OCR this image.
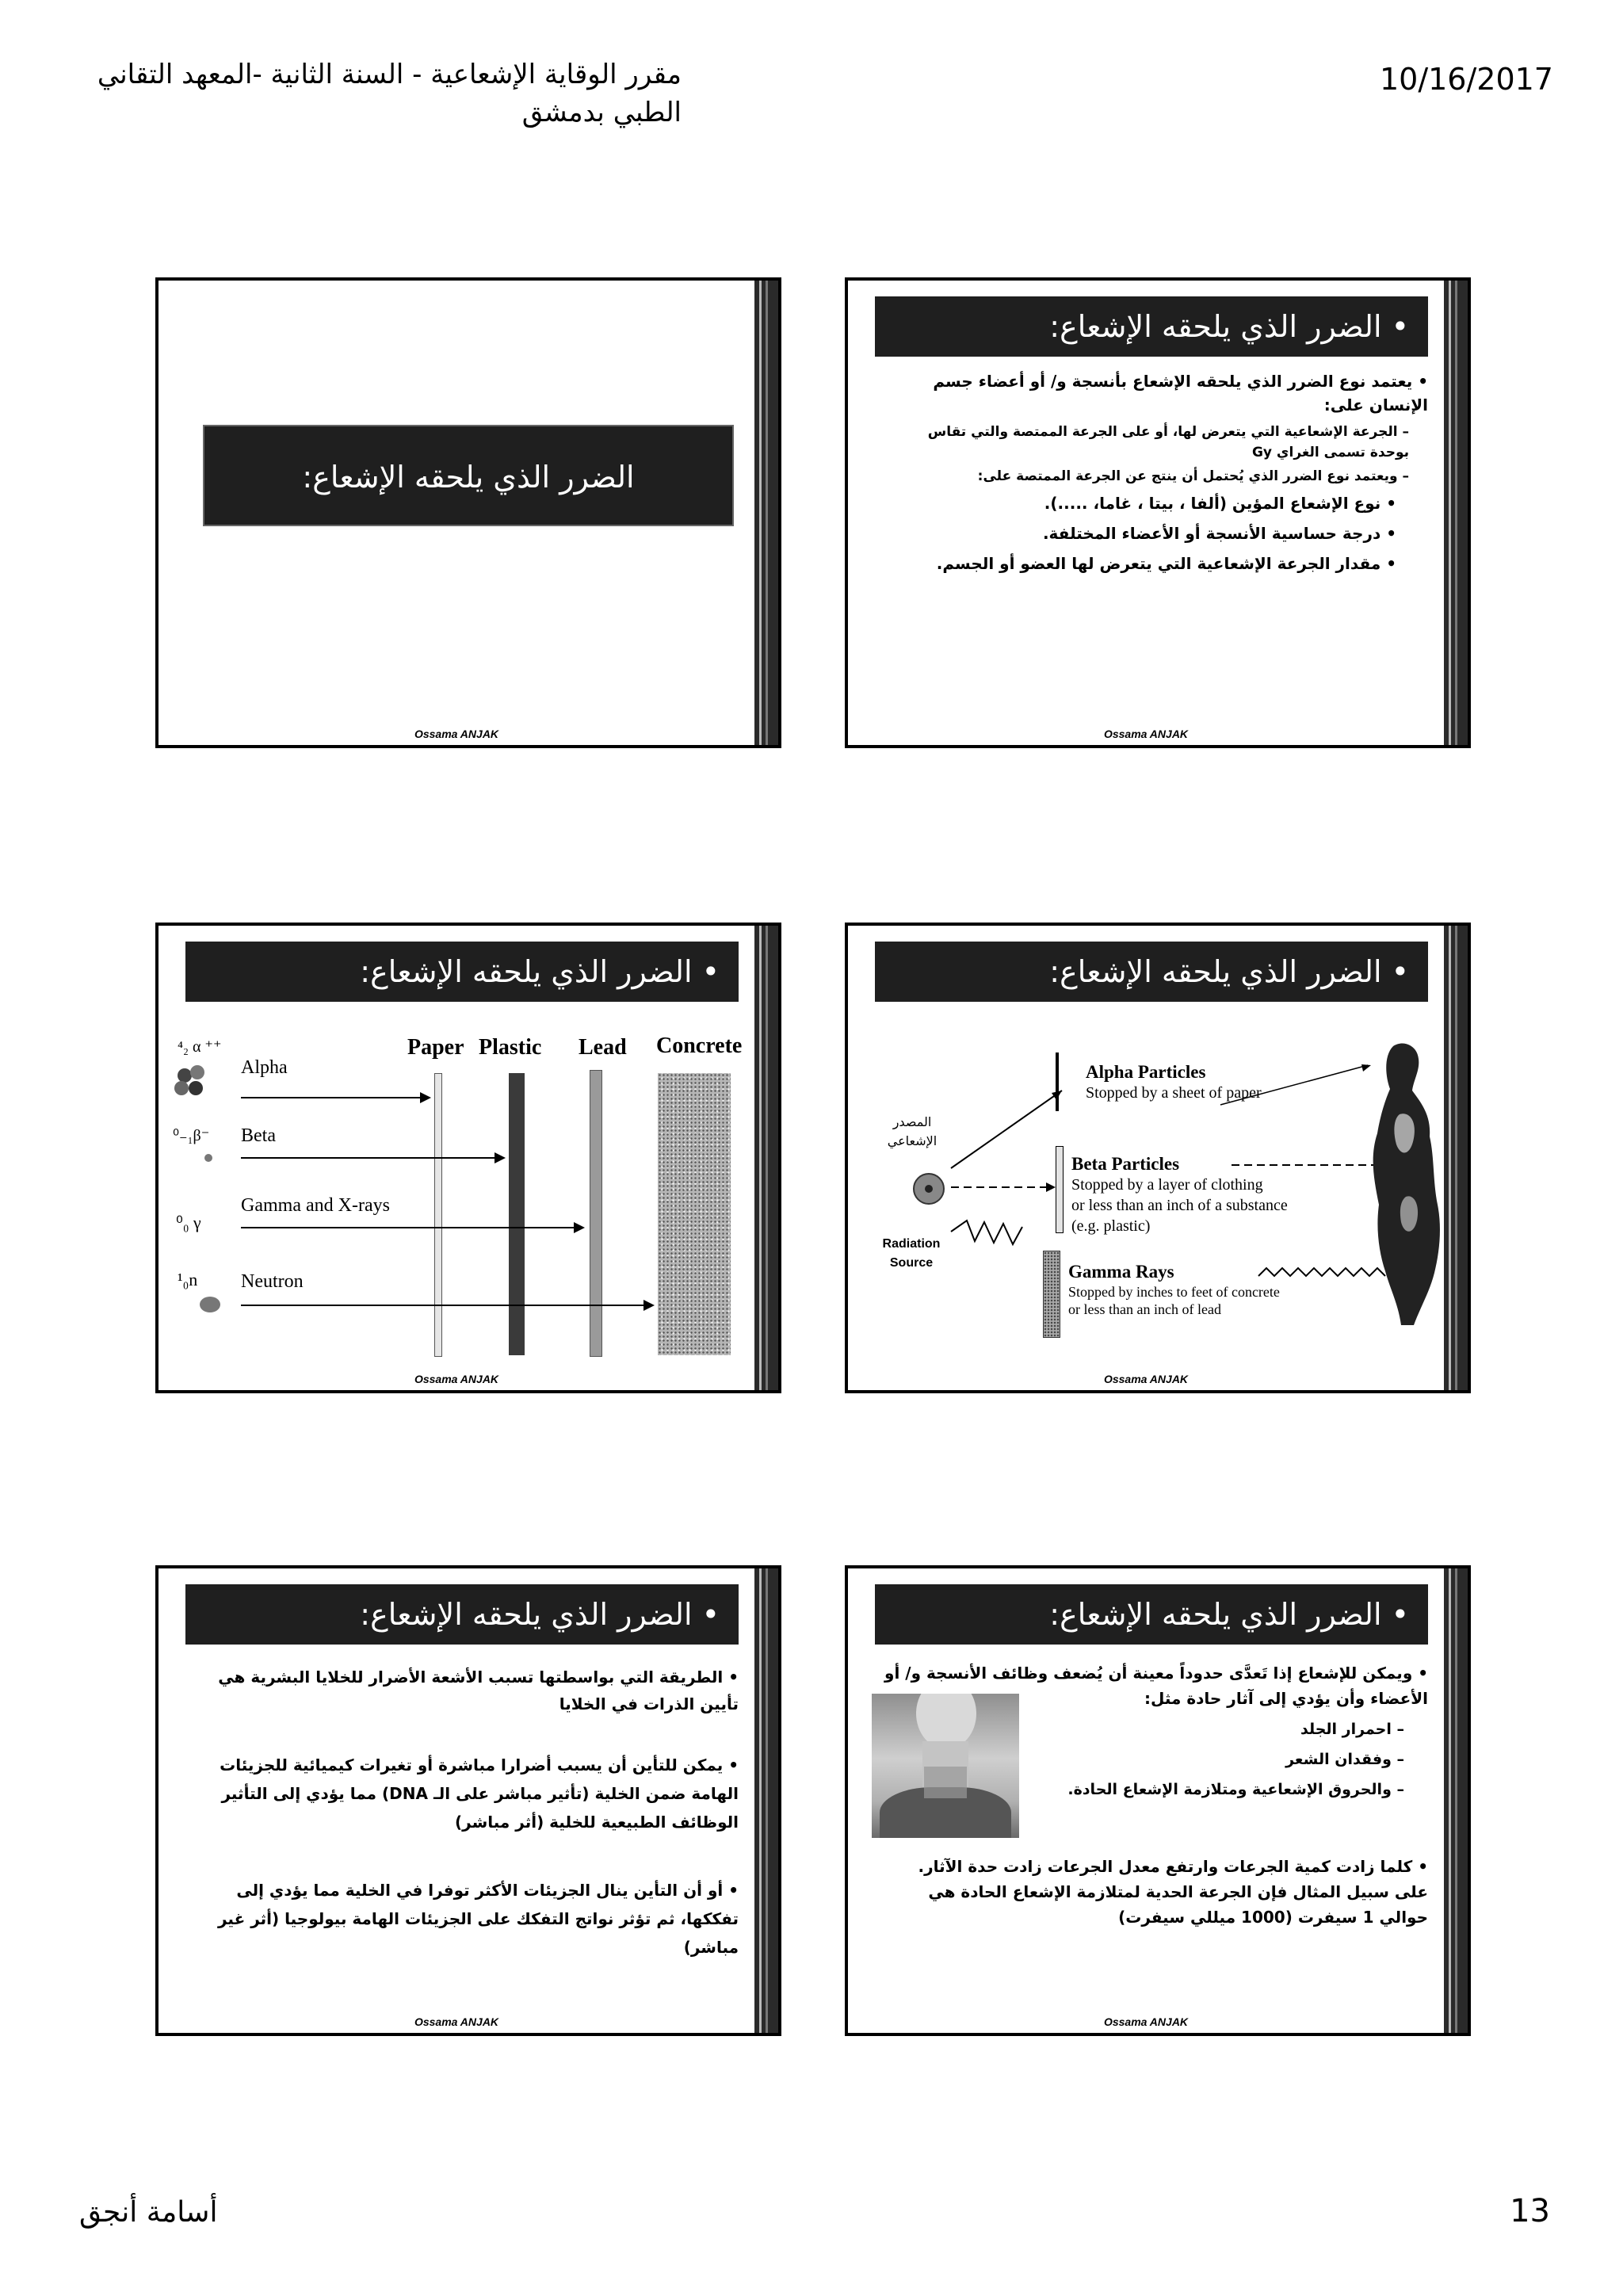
مقرر الوقاية الإشعاعية - السنة الثانية -المعهد التقاني الطبي بدمشق
10/16/2017
أسامة أنجق	13
الضرر الذي يلحقه الإشعاع:
Ossama ANJAK
• الضرر الذي يلحقه الإشعاع:
• يعتمد نوع الضرر الذي يلحقه الإشعاع بأنسجة و/ أو أعضاء جسم الإنسان على:
– الجرعة الإشعاعية التي يتعرض لها، أو على الجرعة الممتصة والتي تقاس بوحدة تسمى الغراي Gy
– ويعتمد نوع الضرر الذي يُحتمل أن ينتج عن الجرعة الممتصة على:
• نوع الإشعاع المؤين (ألفا ، بيتا ، غاما، .....).
• درجة حساسية الأنسجة أو الأعضاء المختلفة.
• مقدار الجرعة الإشعاعية التي يتعرض لها العضو أو الجسم.
Ossama ANJAK
• الضرر الذي يلحقه الإشعاع:
Paper Plastic Lead Concrete
⁴₂ α ⁺⁺
Alpha
⁰₋₁β⁻ Beta
Gamma and X-rays
⁰₀ γ
¹₀n Neutron
Ossama ANJAK
• الضرر الذي يلحقه الإشعاع:
المصدر الإشعاعي
Radiation Source
Alpha Particles
Stopped by a sheet of paper
Beta Particles
Stopped by a layer of clothing
or less than an inch of a substance
(e.g. plastic)
Gamma Rays
Stopped by inches to feet of concrete
or less than an inch of lead
Ossama ANJAK
• الضرر الذي يلحقه الإشعاع:
• الطريقة التي بواسطتها تسبب الأشعة الأضرار للخلايا البشرية هي تأيين الذرات في الخلايا
• يمكن للتأين أن يسبب أضرارا مباشرة أو تغيرات كيميائية للجزيئات الهامة ضمن الخلية (تأثير مباشر على الـ DNA) مما يؤدي إلى التأثير الوظائف الطبيعية للخلية (أثر مباشر)
• أو أن التأين ينال الجزيئات الأكثر توفرا في الخلية مما يؤدي إلى تفككها، ثم تؤثر نواتج التفكك على الجزيئات الهامة بيولوجيا (أثر غير مباشر)
Ossama ANJAK
• الضرر الذي يلحقه الإشعاع:
• ويمكن للإشعاع إذا تَعدَّى حدوداً معينة أن يُضعف وظائف الأنسجة و/ أو الأعضاء وأن يؤدي إلى آثار حادة مثل:
– احمرار الجلد
– وفقدان الشعر
– والحروق الإشعاعية ومتلازمة الإشعاع الحادة.
• كلما زادت كمية الجرعات وارتفع معدل الجرعات زادت حدة الآثار. على سبيل المثال فإن الجرعة الحدية لمتلازمة الإشعاع الحادة هي حوالي 1 سيفرت (1000 ميللي سيفرت)
Ossama ANJAK
